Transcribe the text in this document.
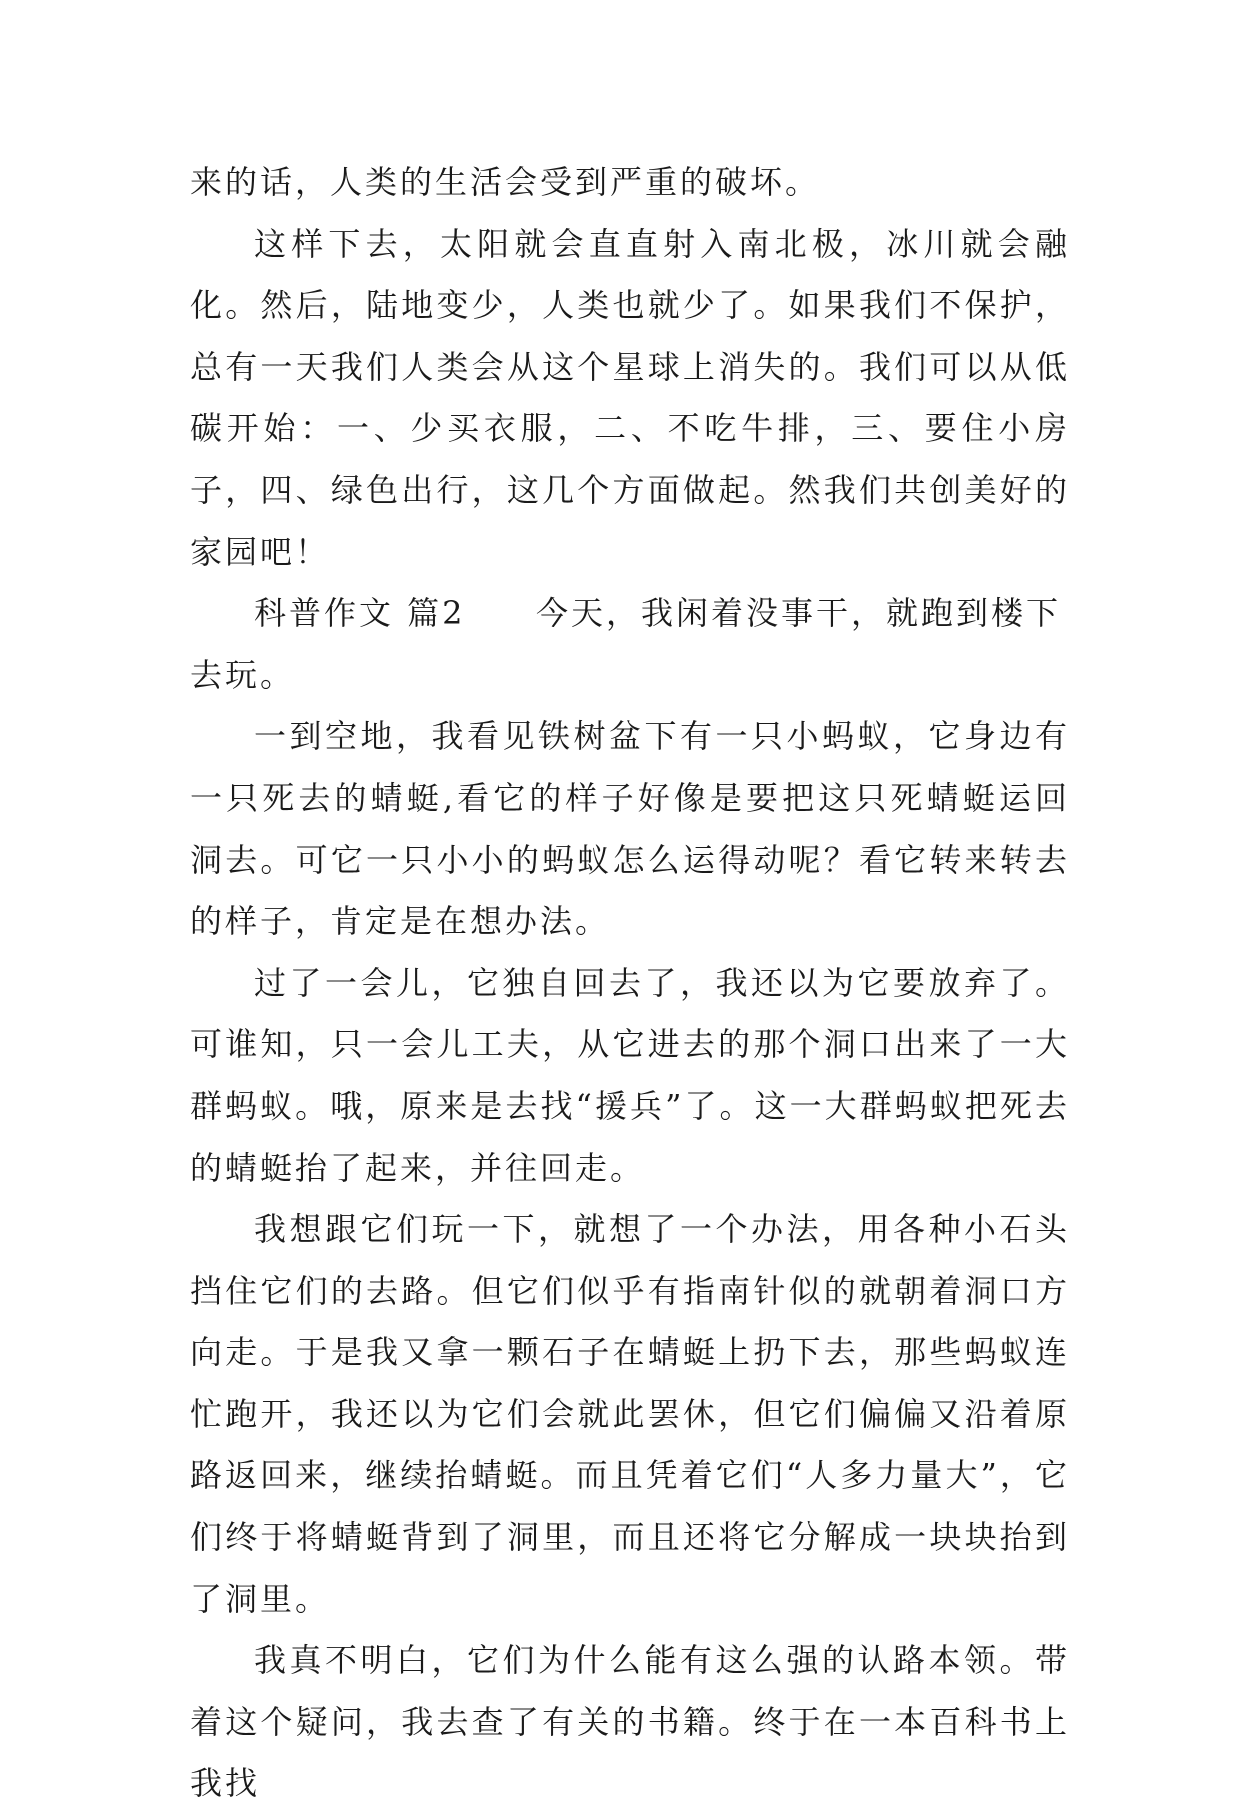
来的话，人类的生活会受到严重的破坏。

这样下去，太阳就会直直射入南北极，冰川就会融化。然后，陆地变少，人类也就少了。如果我们不保护，总有一天我们人类会从这个星球上消失的。我们可以从低碳开始：一、少买衣服，二、不吃牛排，三、要住小房子，四、绿色出行，这几个方面做起。然我们共创美好的家园吧！

科普作文 篇2 今天，我闲着没事干，就跑到楼下去玩。

一到空地，我看见铁树盆下有一只小蚂蚁，它身边有一只死去的蜻蜓,看它的样子好像是要把这只死蜻蜓运回洞去。可它一只小小的蚂蚁怎么运得动呢？看它转来转去的样子，肯定是在想办法。

过了一会儿，它独自回去了，我还以为它要放弃了。可谁知，只一会儿工夫，从它进去的那个洞口出来了一大群蚂蚁。哦，原来是去找“援兵”了。这一大群蚂蚁把死去的蜻蜓抬了起来，并往回走。

我想跟它们玩一下，就想了一个办法，用各种小石头挡住它们的去路。但它们似乎有指南针似的就朝着洞口方向走。于是我又拿一颗石子在蜻蜓上扔下去，那些蚂蚁连忙跑开，我还以为它们会就此罢休，但它们偏偏又沿着原路返回来，继续抬蜻蜓。而且凭着它们“人多力量大”，它们终于将蜻蜓背到了洞里，而且还将它分解成一块块抬到了洞里。

我真不明白，它们为什么能有这么强的认路本领。带着这个疑问，我去查了有关的书籍。终于在一本百科书上我找
